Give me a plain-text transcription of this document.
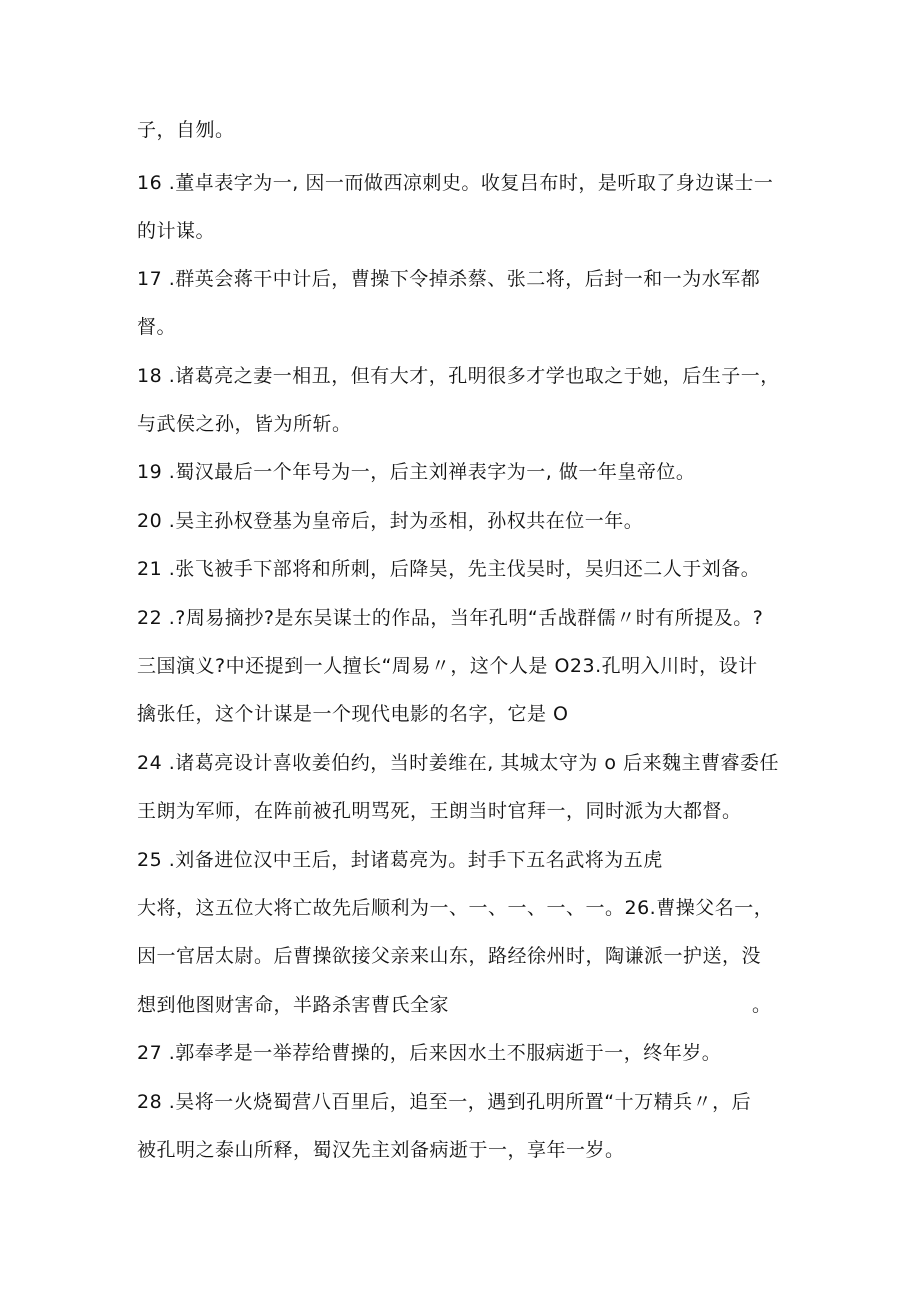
子，自刎。
16 .董卓表字为一, 因一而做西凉刺史。收复吕布时，是听取了身边谋士一
的计谋。
17 .群英会蒋干中计后，曹操下令掉杀蔡、张二将，后封一和一为水军都
督。
18 .诸葛亮之妻一相丑，但有大才，孔明很多才学也取之于她，后生子一，
与武侯之孙，皆为所斩。
19 .蜀汉最后一个年号为一，后主刘禅表字为一, 做一年皇帝位。
20 .吴主孙权登基为皇帝后，封为丞相，孙权共在位一年。
21 .张飞被手下部将和所刺，后降吴，先主伐吴时，吴归还二人于刘备。
22 .?周易摘抄?是东吴谋士的作品，当年孔明“舌战群儒〃时有所提及。?
三国演义?中还提到一人擅长“周易〃，这个人是 O23.孔明入川时，设计
擒张任，这个计谋是一个现代电影的名字，它是 O
24 .诸葛亮设计喜收姜伯约，当时姜维在, 其城太守为 o 后来魏主曹睿委任
王朗为军师，在阵前被孔明骂死，王朗当时官拜一，同时派为大都督。
25 .刘备进位汉中王后，封诸葛亮为。封手下五名武将为五虎
大将，这五位大将亡故先后顺利为一、一、一、一、一。26.曹操父名一，
因一官居太尉。后曹操欲接父亲来山东，路经徐州时，陶谦派一护送，没
想到他图财害命，半路杀害曹氏全家	。
27 .郭奉孝是一举荐给曹操的，后来因水土不服病逝于一，终年岁。
28 .吴将一火烧蜀营八百里后，追至一，遇到孔明所置“十万精兵〃，后
被孔明之泰山所释，蜀汉先主刘备病逝于一，享年一岁。
